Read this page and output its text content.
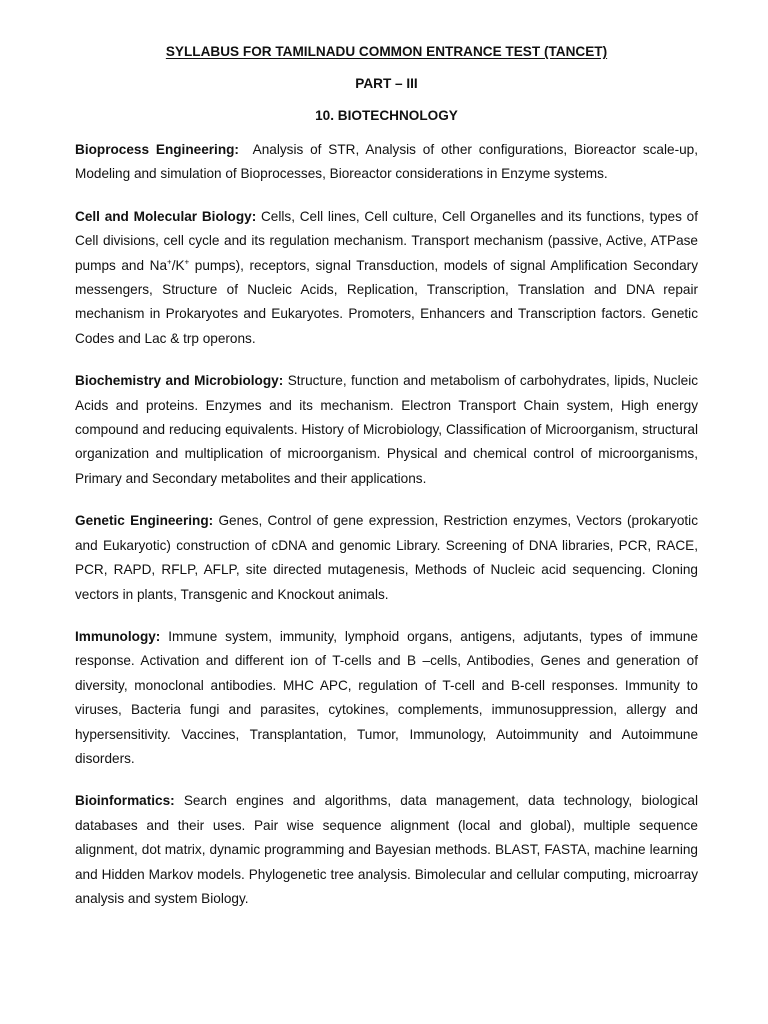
SYLLABUS FOR TAMILNADU COMMON ENTRANCE TEST (TANCET)
PART – III
10. BIOTECHNOLOGY

Bioprocess Engineering: Analysis of STR, Analysis of other configurations, Bioreactor scale-up, Modeling and simulation of Bioprocesses, Bioreactor considerations in Enzyme systems.

Cell and Molecular Biology: Cells, Cell lines, Cell culture, Cell Organelles and its functions, types of Cell divisions, cell cycle and its regulation mechanism. Transport mechanism (passive, Active, ATPase pumps and Na+/K+ pumps), receptors, signal Transduction, models of signal Amplification Secondary messengers, Structure of Nucleic Acids, Replication, Transcription, Translation and DNA repair mechanism in Prokaryotes and Eukaryotes. Promoters, Enhancers and Transcription factors. Genetic Codes and Lac & trp operons.

Biochemistry and Microbiology: Structure, function and metabolism of carbohydrates, lipids, Nucleic Acids and proteins. Enzymes and its mechanism. Electron Transport Chain system, High energy compound and reducing equivalents. History of Microbiology, Classification of Microorganism, structural organization and multiplication of microorganism. Physical and chemical control of microorganisms, Primary and Secondary metabolites and their applications.

Genetic Engineering: Genes, Control of gene expression, Restriction enzymes, Vectors (prokaryotic and Eukaryotic) construction of cDNA and genomic Library. Screening of DNA libraries, PCR, RACE, PCR, RAPD, RFLP, AFLP, site directed mutagenesis, Methods of Nucleic acid sequencing. Cloning vectors in plants, Transgenic and Knockout animals.

Immunology: Immune system, immunity, lymphoid organs, antigens, adjutants, types of immune response. Activation and different ion of T-cells and B –cells, Antibodies, Genes and generation of diversity, monoclonal antibodies. MHC APC, regulation of T-cell and B-cell responses. Immunity to viruses, Bacteria fungi and parasites, cytokines, complements, immunosuppression, allergy and hypersensitivity. Vaccines, Transplantation, Tumor, Immunology, Autoimmunity and Autoimmune disorders.

Bioinformatics: Search engines and algorithms, data management, data technology, biological databases and their uses. Pair wise sequence alignment (local and global), multiple sequence alignment, dot matrix, dynamic programming and Bayesian methods. BLAST, FASTA, machine learning and Hidden Markov models. Phylogenetic tree analysis. Bimolecular and cellular computing, microarray analysis and system Biology.
